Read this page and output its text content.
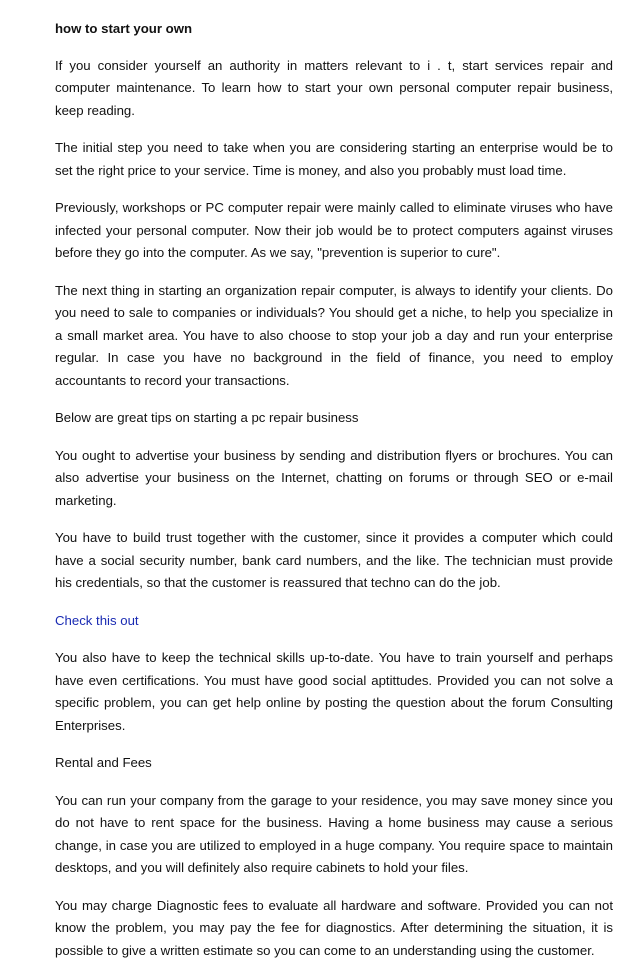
how to start your own

If you consider yourself an authority in matters relevant to i . t, start services repair and computer maintenance. To learn how to start your own personal computer repair business, keep reading.

The initial step you need to take when you are considering starting an enterprise would be to set the right price to your service. Time is money, and also you probably must load time.

Previously, workshops or PC computer repair were mainly called to eliminate viruses who have infected your personal computer. Now their job would be to protect computers against viruses before they go into the computer. As we say, "prevention is superior to cure".

The next thing in starting an organization repair computer, is always to identify your clients. Do you need to sale to companies or individuals? You should get a niche, to help you specialize in a small market area. You have to also choose to stop your job a day and run your enterprise regular. In case you have no background in the field of finance, you need to employ accountants to record your transactions.

Below are great tips on starting a pc repair business

You ought to advertise your business by sending and distribution flyers or brochures. You can also advertise your business on the Internet, chatting on forums or through SEO or e-mail marketing.

You have to build trust together with the customer, since it provides a computer which could have a social security number, bank card numbers, and the like. The technician must provide his credentials, so that the customer is reassured that techno can do the job.

Check this out

You also have to keep the technical skills up-to-date. You have to train yourself and perhaps have even certifications. You must have good social aptittudes. Provided you can not solve a specific problem, you can get help online by posting the question about the forum Consulting Enterprises.

Rental and Fees

You can run your company from the garage to your residence, you may save money since you do not have to rent space for the business. Having a home business may cause a serious change, in case you are utilized to employed in a huge company. You require space to maintain desktops, and you will definitely also require cabinets to hold your files.

You may charge Diagnostic fees to evaluate all hardware and software. Provided you can not know the problem, you may pay the fee for diagnostics. After determining the situation, it is possible to give a written estimate so you can come to an understanding using the customer.
